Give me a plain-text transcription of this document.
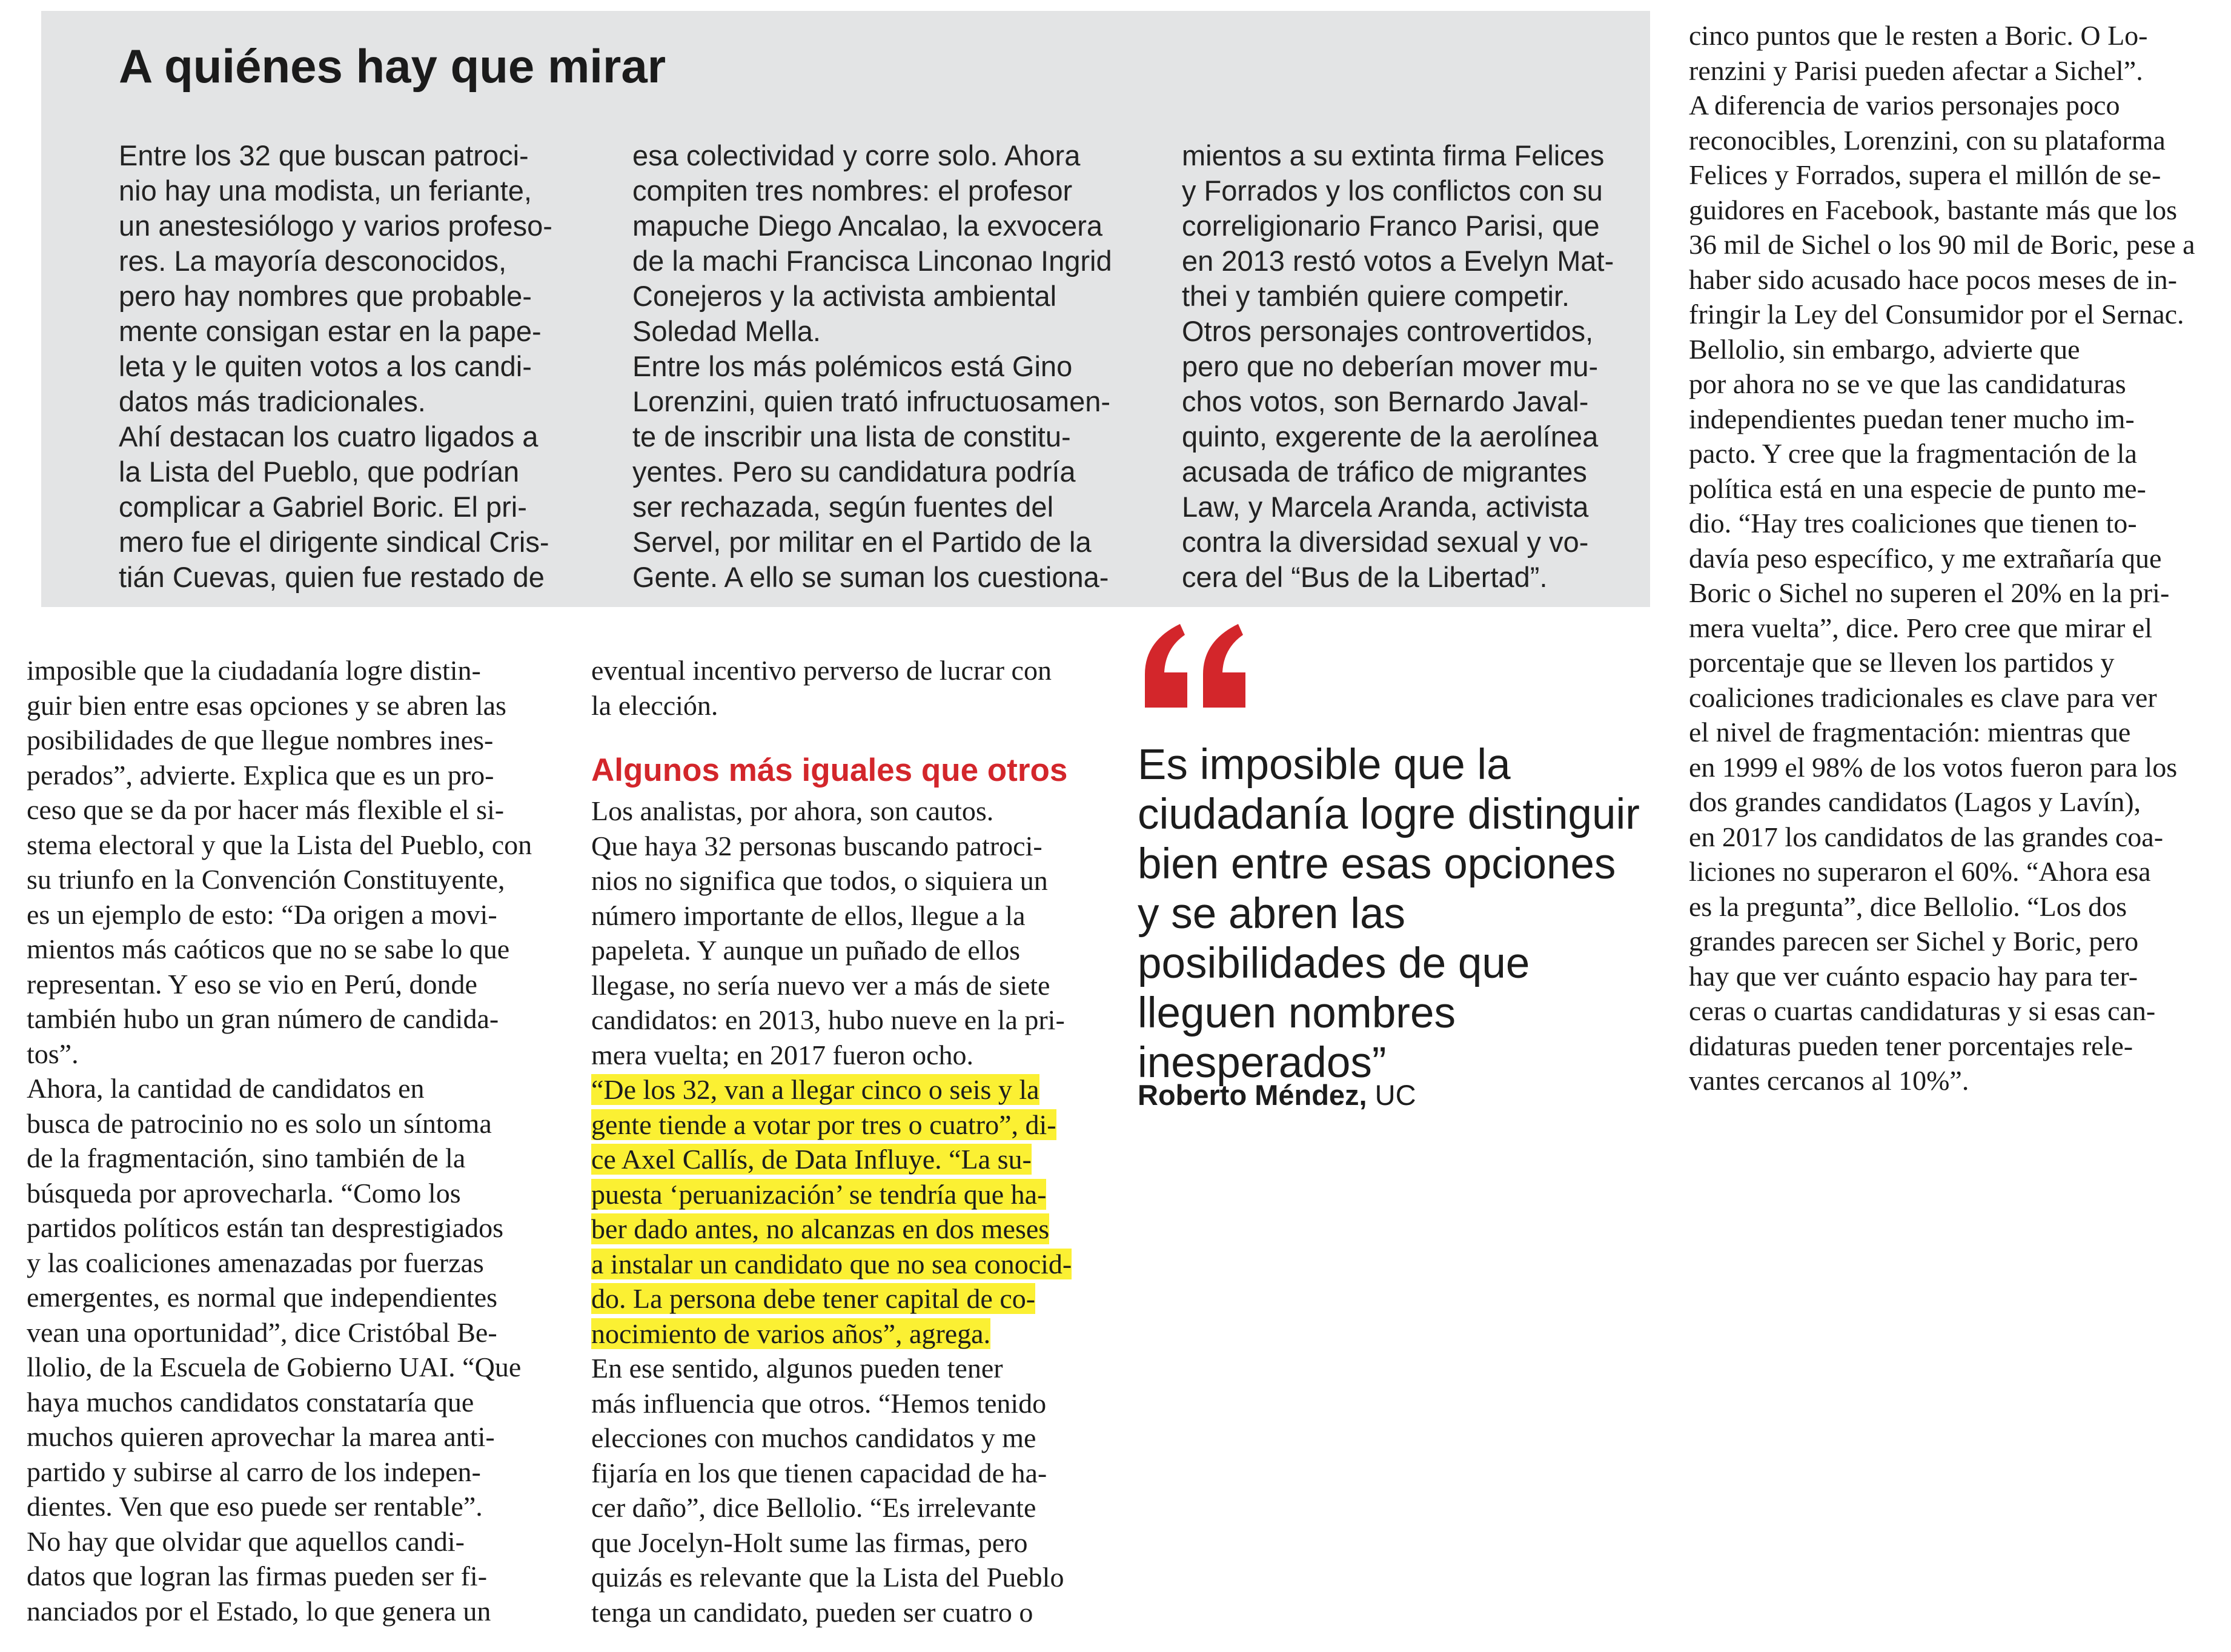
A quiénes hay que mirar
Entre los 32 que buscan patroci-
nio hay una modista, un feriante,
un anestesiólogo y varios profeso-
res. La mayoría desconocidos,
pero hay nombres que probable-
mente consigan estar en la pape-
leta y le quiten votos a los candi-
datos más tradicionales.
Ahí destacan los cuatro ligados a
la Lista del Pueblo, que podrían
complicar a Gabriel Boric. El pri-
mero fue el dirigente sindical Cris-
tián Cuevas, quien fue restado de
esa colectividad y corre solo. Ahora
compiten tres nombres: el profesor
mapuche Diego Ancalao, la exvocera
de la machi Francisca Linconao Ingrid
Conejeros y la activista ambiental
Soledad Mella.
Entre los más polémicos está Gino
Lorenzini, quien trató infructuosamen-
te de inscribir una lista de constitu-
yentes. Pero su candidatura podría
ser rechazada, según fuentes del
Servel, por militar en el Partido de la
Gente. A ello se suman los cuestiona-
mientos a su extinta firma Felices
y Forrados y los conflictos con su
correligionario Franco Parisi, que
en 2013 restó votos a Evelyn Mat-
thei y también quiere competir.
Otros personajes controvertidos,
pero que no deberían mover mu-
chos votos, son Bernardo Javal-
quinto, exgerente de la aerolínea
acusada de tráfico de migrantes
Law, y Marcela Aranda, activista
contra la diversidad sexual y vo-
cera del “Bus de la Libertad”.
imposible que la ciudadanía logre distin-
guir bien entre esas opciones y se abren las
posibilidades de que llegue nombres ines-
perados”, advierte. Explica que es un pro-
ceso que se da por hacer más flexible el si-
stema electoral y que la Lista del Pueblo, con
su triunfo en la Convención Constituyente,
es un ejemplo de esto: “Da origen a movi-
mientos más caóticos que no se sabe lo que
representan. Y eso se vio en Perú, donde
también hubo un gran número de candida-
tos”.
Ahora, la cantidad de candidatos en
busca de patrocinio no es solo un síntoma
de la fragmentación, sino también de la
búsqueda por aprovecharla. “Como los
partidos políticos están tan desprestigiados
y las coaliciones amenazadas por fuerzas
emergentes, es normal que independientes
vean una oportunidad”, dice Cristóbal Be-
llolio, de la Escuela de Gobierno UAI. “Que
haya muchos candidatos constataría que
muchos quieren aprovechar la marea anti-
partido y subirse al carro de los indepen-
dientes. Ven que eso puede ser rentable”.
No hay que olvidar que aquellos candi-
datos que logran las firmas pueden ser fi-
nanciados por el Estado, lo que genera un
eventual incentivo perverso de lucrar con
la elección.
Algunos más iguales que otros
Los analistas, por ahora, son cautos.
Que haya 32 personas buscando patroci-
nios no significa que todos, o siquiera un
número importante de ellos, llegue a la
papeleta. Y aunque un puñado de ellos
llegase, no sería nuevo ver a más de siete
candidatos: en 2013, hubo nueve en la pri-
mera vuelta; en 2017 fueron ocho.
“De los 32, van a llegar cinco o seis y la
gente tiende a votar por tres o cuatro”, di-
ce Axel Callís, de Data Influye. “La su-
puesta ‘peruanización’ se tendría que ha-
ber dado antes, no alcanzas en dos meses
a instalar un candidato que no sea conocid-
do. La persona debe tener capital de co-
nocimiento de varios años”, agrega.
En ese sentido, algunos pueden tener
más influencia que otros. “Hemos tenido
elecciones con muchos candidatos y me
fijaría en los que tienen capacidad de ha-
cer daño”, dice Bellolio. “Es irrelevante
que Jocelyn-Holt sume las firmas, pero
quizás es relevante que la Lista del Pueblo
tenga un candidato, pueden ser cuatro o
Es imposible que la
ciudadanía logre distinguir
bien entre esas opciones
y se abren las
posibilidades de que
lleguen nombres
inesperados”
Roberto Méndez, UC
cinco puntos que le resten a Boric. O Lo-
renzini y Parisi pueden afectar a Sichel”.
A diferencia de varios personajes poco
reconocibles, Lorenzini, con su plataforma
Felices y Forrados, supera el millón de se-
guidores en Facebook, bastante más que los
36 mil de Sichel o los 90 mil de Boric, pese a
haber sido acusado hace pocos meses de in-
fringir la Ley del Consumidor por el Sernac.
Bellolio, sin embargo, advierte que
por ahora no se ve que las candidaturas
independientes puedan tener mucho im-
pacto. Y cree que la fragmentación de la
política está en una especie de punto me-
dio. “Hay tres coaliciones que tienen to-
davía peso específico, y me extrañaría que
Boric o Sichel no superen el 20% en la pri-
mera vuelta”, dice. Pero cree que mirar el
porcentaje que se lleven los partidos y
coaliciones tradicionales es clave para ver
el nivel de fragmentación: mientras que
en 1999 el 98% de los votos fueron para los
dos grandes candidatos (Lagos y Lavín),
en 2017 los candidatos de las grandes coa-
liciones no superaron el 60%. “Ahora esa
es la pregunta”, dice Bellolio. “Los dos
grandes parecen ser Sichel y Boric, pero
hay que ver cuánto espacio hay para ter-
ceras o cuartas candidaturas y si esas can-
didaturas pueden tener porcentajes rele-
vantes cercanos al 10%”.
